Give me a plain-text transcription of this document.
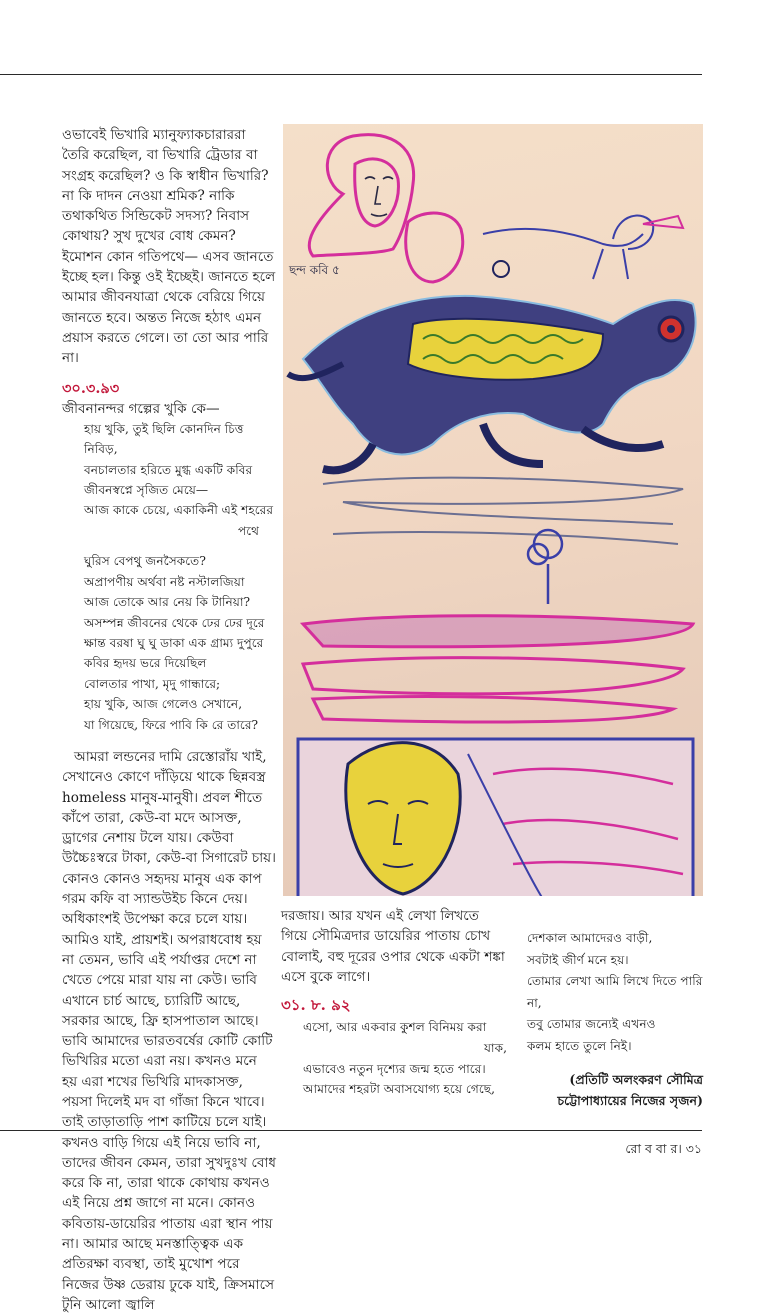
ওভাবেই ভিখারি ম্যানুফ্যাকচারাররা তৈরি করেছিল, বা ভিখারি ট্রেডার বা সংগ্রহ করেছিল? ও কি স্বাধীন ভিখারি? না কি দাদন নেওয়া শ্রমিক? নাকি তথাকথিত সিন্ডিকেট সদস্য? নিবাস কোথায়? সুখ দুখের বোধ কেমন? ইমোশন কোন গতিপথে— এসব জানতে ইচ্ছে হল। কিন্তু ওই ইচ্ছেই। জানতে হলে আমার জীবনযাত্রা থেকে বেরিয়ে গিয়ে জানতে হবে। অন্তত নিজে হঠাৎ এমন প্রয়াস করতে গেলে। তা তো আর পারি না।

৩০.৩.৯৩

জীবনানন্দর গল্পের খুকি কে—

হায় খুকি, তুই ছিলি কোনদিন চিত্ত নিবিড়,
বনচালতার হরিতে মুগ্ধ একটি কবির
জীবনস্বপ্নে সৃজিত মেয়ে—
আজ কাকে চেয়ে, একাকিনী এই শহরের
পথে
ঘুরিস বেপথু জনসৈকতে?
অপ্রাপণীয় অর্থবা নষ্ট নস্টালজিয়া
আজ তোকে আর নেয় কি টানিয়া?
অসম্পন্ন জীবনের থেকে ঢের ঢের দূরে
ক্ষান্ত বরষা ঘু ঘু ডাকা এক গ্রাম্য দুপুরে
কবির হৃদয় ভরে দিয়েছিল
বোলতার পাখা, মৃদু গান্ধারে;
হায় খুকি, আজ গেলেও সেখানে,
যা গিয়েছে, ফিরে পাবি কি রে তারে?

আমরা লন্ডনের দামি রেস্তোরাঁয় খাই, সেখানেও কোণে দাঁড়িয়ে থাকে ছিন্নবস্ত্র homeless মানুষ-মানুষী। প্রবল শীতে কাঁপে তারা, কেউ-বা মদে আসক্ত, ড্রাগের নেশায় টলে যায়। কেউবা উচ্চৈঃস্বরে টাকা, কেউ-বা সিগারেট চায়। কোনও কোনও সহৃদয় মানুষ এক কাপ গরম কফি বা স্যান্ডউইচ কিনে দেয়। অধিকাংশই উপেক্ষা করে চলে যায়। আমিও যাই, প্রায়শই। অপরাধবোধ হয় না তেমন, ভাবি এই পর্যাপ্তর দেশে না খেতে পেয়ে মারা যায় না কেউ। ভাবি এখানে চার্চ আছে, চ্যারিটি আছে, সরকার আছে, ফ্রি হাসপাতাল আছে। ভাবি আমাদের ভারতবর্ষের কোটি কোটি ভিখিরির মতো এরা নয়। কখনও মনে হয় এরা শখের ভিখিরি মাদকাসক্ত, পয়সা দিলেই মদ বা গাঁজা কিনে খাবে। তাই তাড়াতাড়ি পাশ কাটিয়ে চলে যাই। কখনও বাড়ি গিয়ে এই নিয়ে ভাবি না, তাদের জীবন কেমন, তারা সুখদুঃখ বোধ করে কি না, তারা থাকে কোথায় কখনও এই নিয়ে প্রশ্ন জাগে না মনে। কোনও কবিতায়-ডায়েরির পাতায় এরা স্থান পায় না। আমার আছে মনস্তাত্ত্বিক এক প্রতিরক্ষা ব্যবস্থা, তাই মুখোশ পরে নিজের উষ্ণ ডেরায় ঢুকে যাই, ক্রিসমাসে টুনি আলো জ্বালি

ছন্দ কবি ৫

দরজায়। আর যখন এই লেখা লিখতে গিয়ে সৌমিত্রদার ডায়েরির পাতায় চোখ বোলাই, বহু দূরের ওপার থেকে একটা শঙ্কা এসে বুকে লাগে।

৩১. ৮. ৯২
এসো, আর একবার কুশল বিনিময় করা
যাক,
এভাবেও নতুন দৃশ্যের জন্ম হতে পারে।
আমাদের শহরটা অবাসযোগ্য হয়ে গেছে,
দেশকাল আমাদেরও বাড়ী,
সবটাই জীর্ণ মনে হয়।
তোমার লেখা আমি লিখে দিতে পারি না,
তবু তোমার জন্যেই এখনও
কলম হাতে তুলে নিই।
(প্রতিটি অলংকরণ সৌমিত্র চট্টোপাধ্যায়ের নিজের সৃজন)
রো ব বা র। ৩১
